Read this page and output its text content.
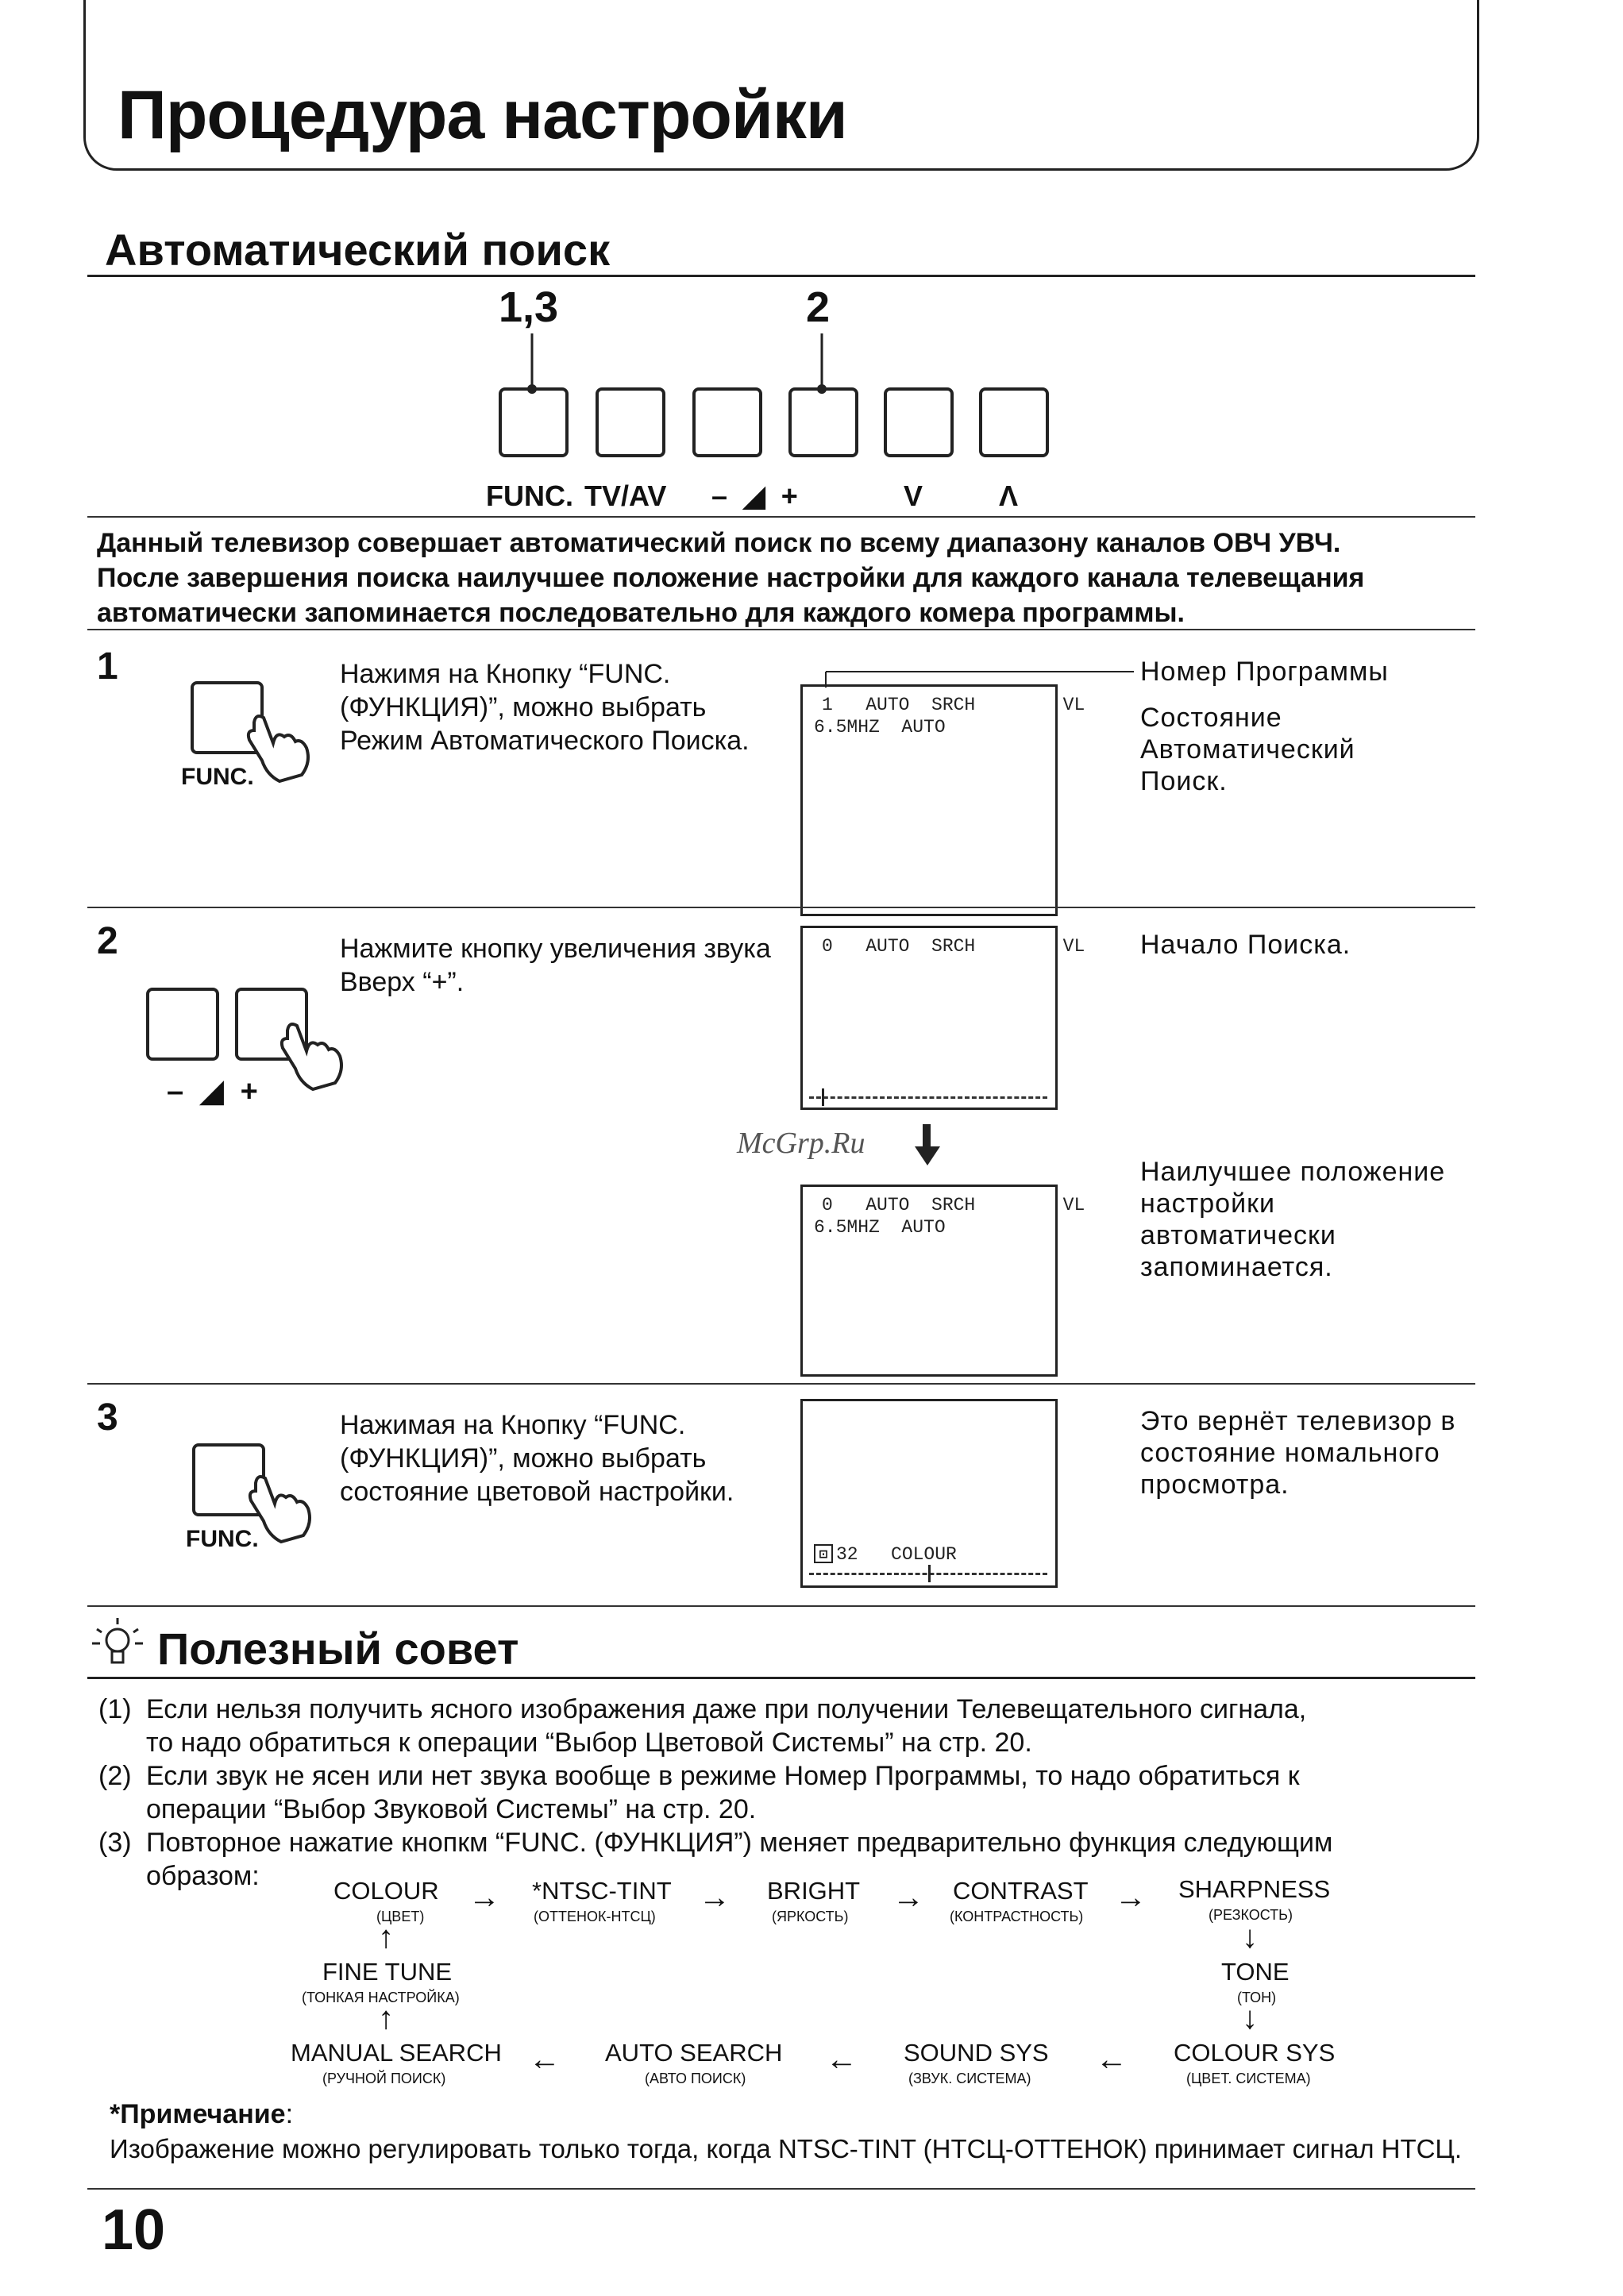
Процедура настройки
Автоматический поиск
1,3	2
FUNC. TV/AV –  ◢  +	V	Λ
Данный телевизор совершает автоматический поиск по всему диапазону каналов ОВЧ УВЧ.
После завершения поиска наилучшее положение настройки для каждого канала телевещания
автоматически запоминается последовательно для каждого комера программы.
1
FUNC.
Нажимя на Кнопку “FUNC. (ФУНКЦИЯ)”, можно выбрать Режим Автоматического Поиска.
1   AUTO  SRCH        VL
6.5MHZ  AUTO
Номер Программы
Состояние Автоматический Поиск.
2
–  ◢  +
Нажмите кнопку увеличения звука Вверх “+”.
0   AUTO  SRCH        VL Начало Поиска.
McGrp.Ru
0   AUTO  SRCH        VL
6.5MHZ  AUTO
Наилучшее положение настройки автоматически запоминается.
3
FUNC.
Нажимая на Кнопку “FUNC. (ФУНКЦИЯ)”, можно выбрать состояние цветовой настройки.
⊡ 32   COLOUR
Это вернёт телевизор в состояние номального просмотра.
Полезный совет
(1) Если нельзя получить ясного изображения даже при получении Телевещательного сигнала,
то надо обратиться к операции “Выбор Цветовой Системы” на стр. 20.
(2) Если звук не ясен или нет звука вообще в режиме Номер Программы, то надо обратиться к
операции “Выбор Звуковой Системы” на стр. 20.
(3) Повторное нажатие кнопкм “FUNC. (ФУНКЦИЯ”) меняет предварительно функция следующим
образом:	COLOUR
(ЦВЕТ)
→ *NTSC-TINT
(ОТТЕНОК-НТСЦ)
→ BRIGHT
(ЯРКОСТЬ)
→ CONTRAST
(КОНТРАСТНОСТЬ)
→ SHARPNESS
(РЕЗКОСТЬ)
↑	↓
FINE TUNE
(ТОНКАЯ НАСТРОЙКА)
TONE
(ТОН)
↑	↓
MANUAL SEARCH
(РУЧНОЙ ПОИСК)
← AUTO SEARCH
(АВТО ПОИСК)
← SOUND SYS
(ЗВУК. СИСТЕМА)
← COLOUR SYS
(ЦВЕТ. СИСТЕМА)
*Примечание:
Изображение можно регулировать только тогда, когда NTSC-TINT (НТСЦ-ОТТЕНОК) принимает сигнал НТСЦ.
10
